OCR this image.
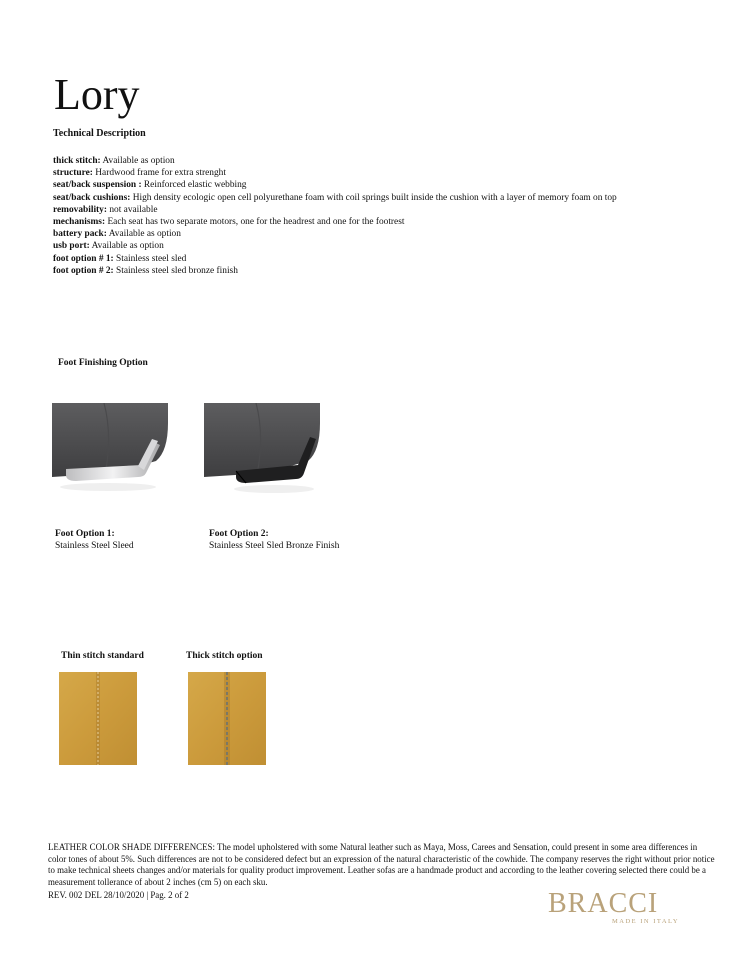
Lory
Technical Description
thick stitch: Available as option
structure: Hardwood frame for extra strenght
seat/back suspension : Reinforced elastic webbing
seat/back cushions: High density ecologic open cell polyurethane foam with coil springs built inside the cushion with a layer of memory foam on top
removability: not available
mechanisms: Each seat has two separate motors, one for the headrest and one for the footrest
battery pack: Available as option
usb port: Available as option
foot option # 1: Stainless steel sled
foot option # 2: Stainless steel sled bronze finish
Foot Finishing Option
Foot Option 1:
Stainless Steel Sleed
Foot Option 2:
Stainless Steel Sled Bronze Finish
Thin stitch standard	Thick stitch option
LEATHER COLOR SHADE DIFFERENCES: The model upholstered with some Natural leather such as Maya, Moss, Carees and Sensation, could present in some area differences in color tones of about 5%. Such differences are not to be considered defect but an expression of the natural characteristic of the cowhide. The company reserves the right without prior notice to make technical sheets changes and/or materials for quality product improvement. Leather sofas are a handmade product and according to the leather covering selected there could be a measurement tollerance of about 2 inches (cm 5) on each sku.
REV. 002 DEL 28/10/2020 | Pag. 2 of 2	BRACCI
MADE IN ITALY
